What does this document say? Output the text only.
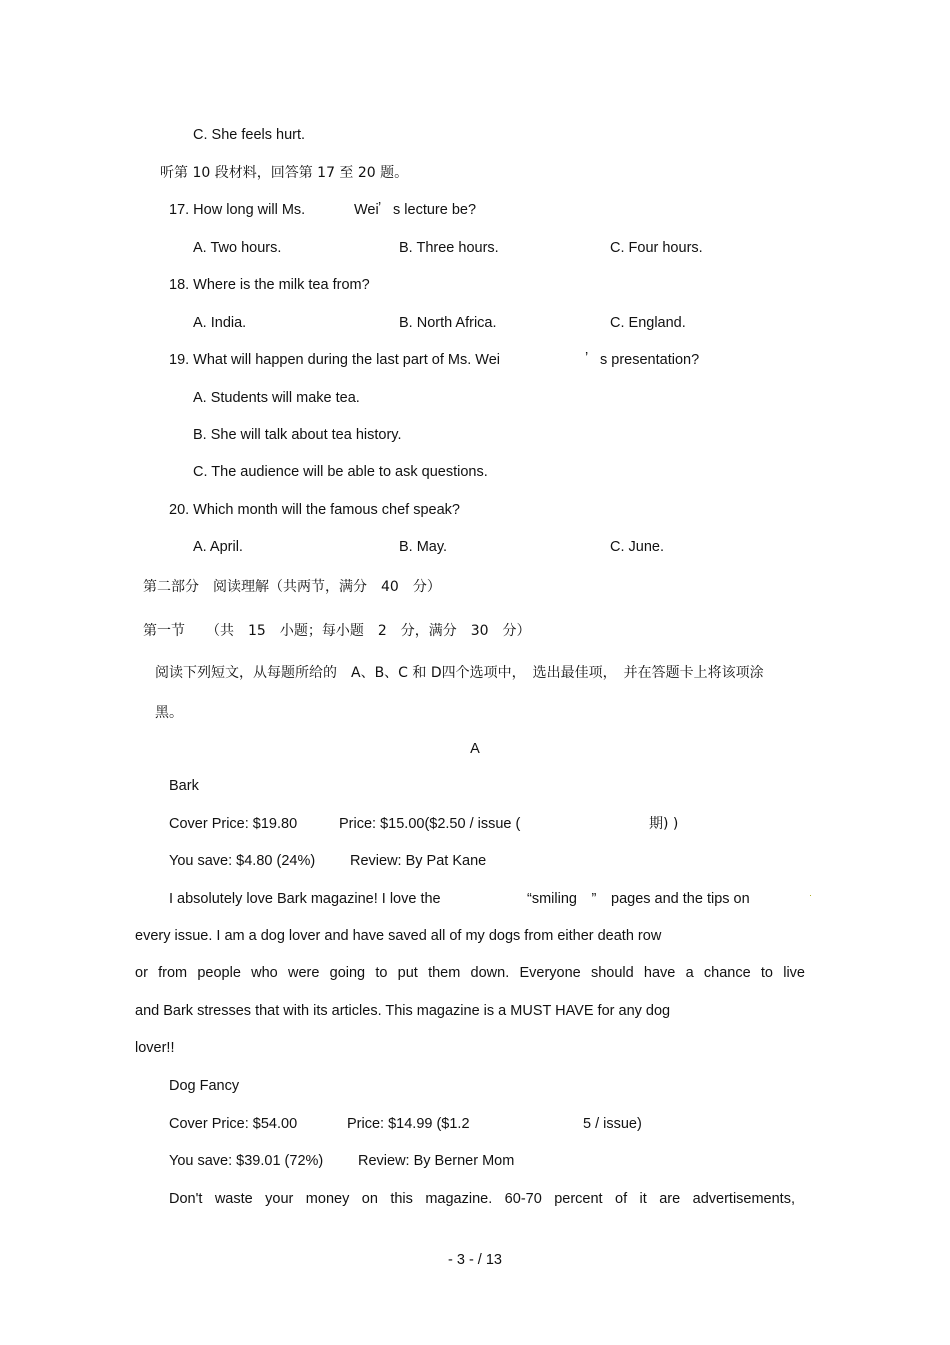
C. She feels hurt.
听第 10 段材料，回答第 17 至 20 题。
17. How long will Ms.	Wei ’ s lecture be?
A. Two hours.	B. Three hours.	C. Four hours.
18. Where is the milk tea from?
A. India.	B. North Africa.	C. England.
19. What will happen during the last part of Ms. Wei	’ s presentation?
A. Students will make tea.
B. She will talk about tea history.
C. The audience will be able to ask questions.
20. Which month will the famous chef speak?
A. April.	B. May.	C. June.
第二部分　阅读理解（共两节，满分　40　分）
第一节　　（共　15　小题；每小题　2　分，满分　30　分）
阅读下列短文，从每题所给的　A、B、C 和 D四个选项中，　选出最佳项，　并在答题卡上将该项涂
黑。
A
Bark
Cover Price: $19.80	Price: $15.00($2.50 / issue (	期) )
You save: $4.80 (24%) Review: By Pat Kane
I absolutely love Bark magazine! I love the	“smiling　” pages and the tips on	·
every issue. I am a dog lover and have saved all of my dogs from either death row
or from people who were going to put them down. Everyone should have a chance to live
and Bark stresses that with its articles. This magazine is a MUST HAVE for any dog
lover!!
Dog Fancy
Cover Price: $54.00	Price: $14.99 ($1.2	5 / issue)
You save: $39.01 (72%) Review: By Berner Mom
Don't waste your money on this magazine. 60-70 percent of it are advertisements,
- 3 - / 13
